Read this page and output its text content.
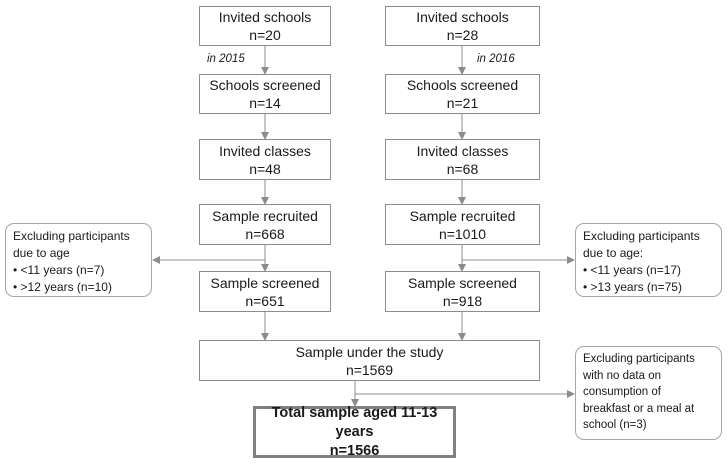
Invited schools
n=20
in 2015
Schools screened
n=14
Invited classes
n=48
Sample recruited
n=668
Sample screened
n=651
Invited schools
n=28
in 2016
Schools screened
n=21
Invited classes
n=68
Sample recruited
n=1010
Sample screened
n=918
Excluding participants
due to age
• <11 years (n=7)
• >12 years (n=10)
Excluding participants
due to age:
• <11 years (n=17)
• >13 years (n=75)
Sample under the study
n=1569
Excluding participants
with no data on
consumption of
breakfast or a meal at
school (n=3)
Total sample aged 11-13 years
n=1566
